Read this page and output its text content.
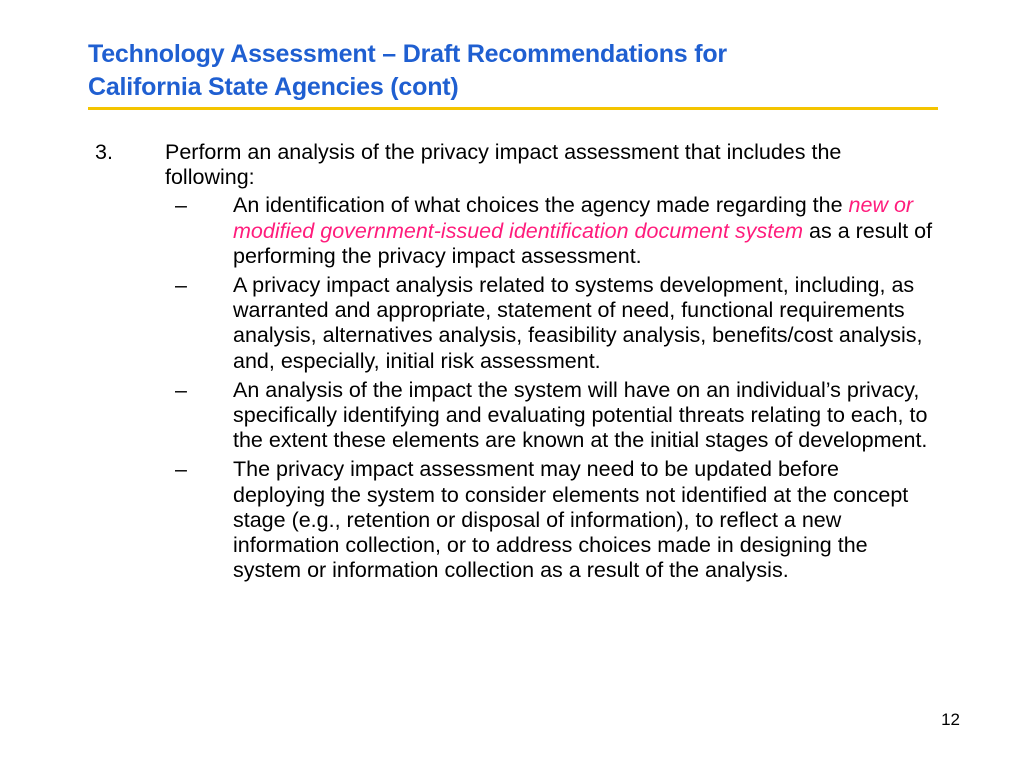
Technology Assessment – Draft Recommendations for
California State Agencies (cont)
3.	Perform an analysis of the privacy impact assessment that includes the following:
–	An identification of what choices the agency made regarding the new or modified government-issued identification document system as a result of performing the privacy impact assessment.
–	A privacy impact analysis related to systems development, including, as warranted and appropriate, statement of need, functional requirements analysis, alternatives analysis, feasibility analysis, benefits/cost analysis, and, especially, initial risk assessment.
–	An analysis of the impact the system will have on an individual’s privacy, specifically identifying and evaluating potential threats relating to each, to the extent these elements are known at the initial stages of development.
–	The privacy impact assessment may need to be updated before deploying the system to consider elements not identified at the concept stage (e.g., retention or disposal of information), to reflect a new information collection, or to address choices made in designing the system or information collection as a result of the analysis.
12
